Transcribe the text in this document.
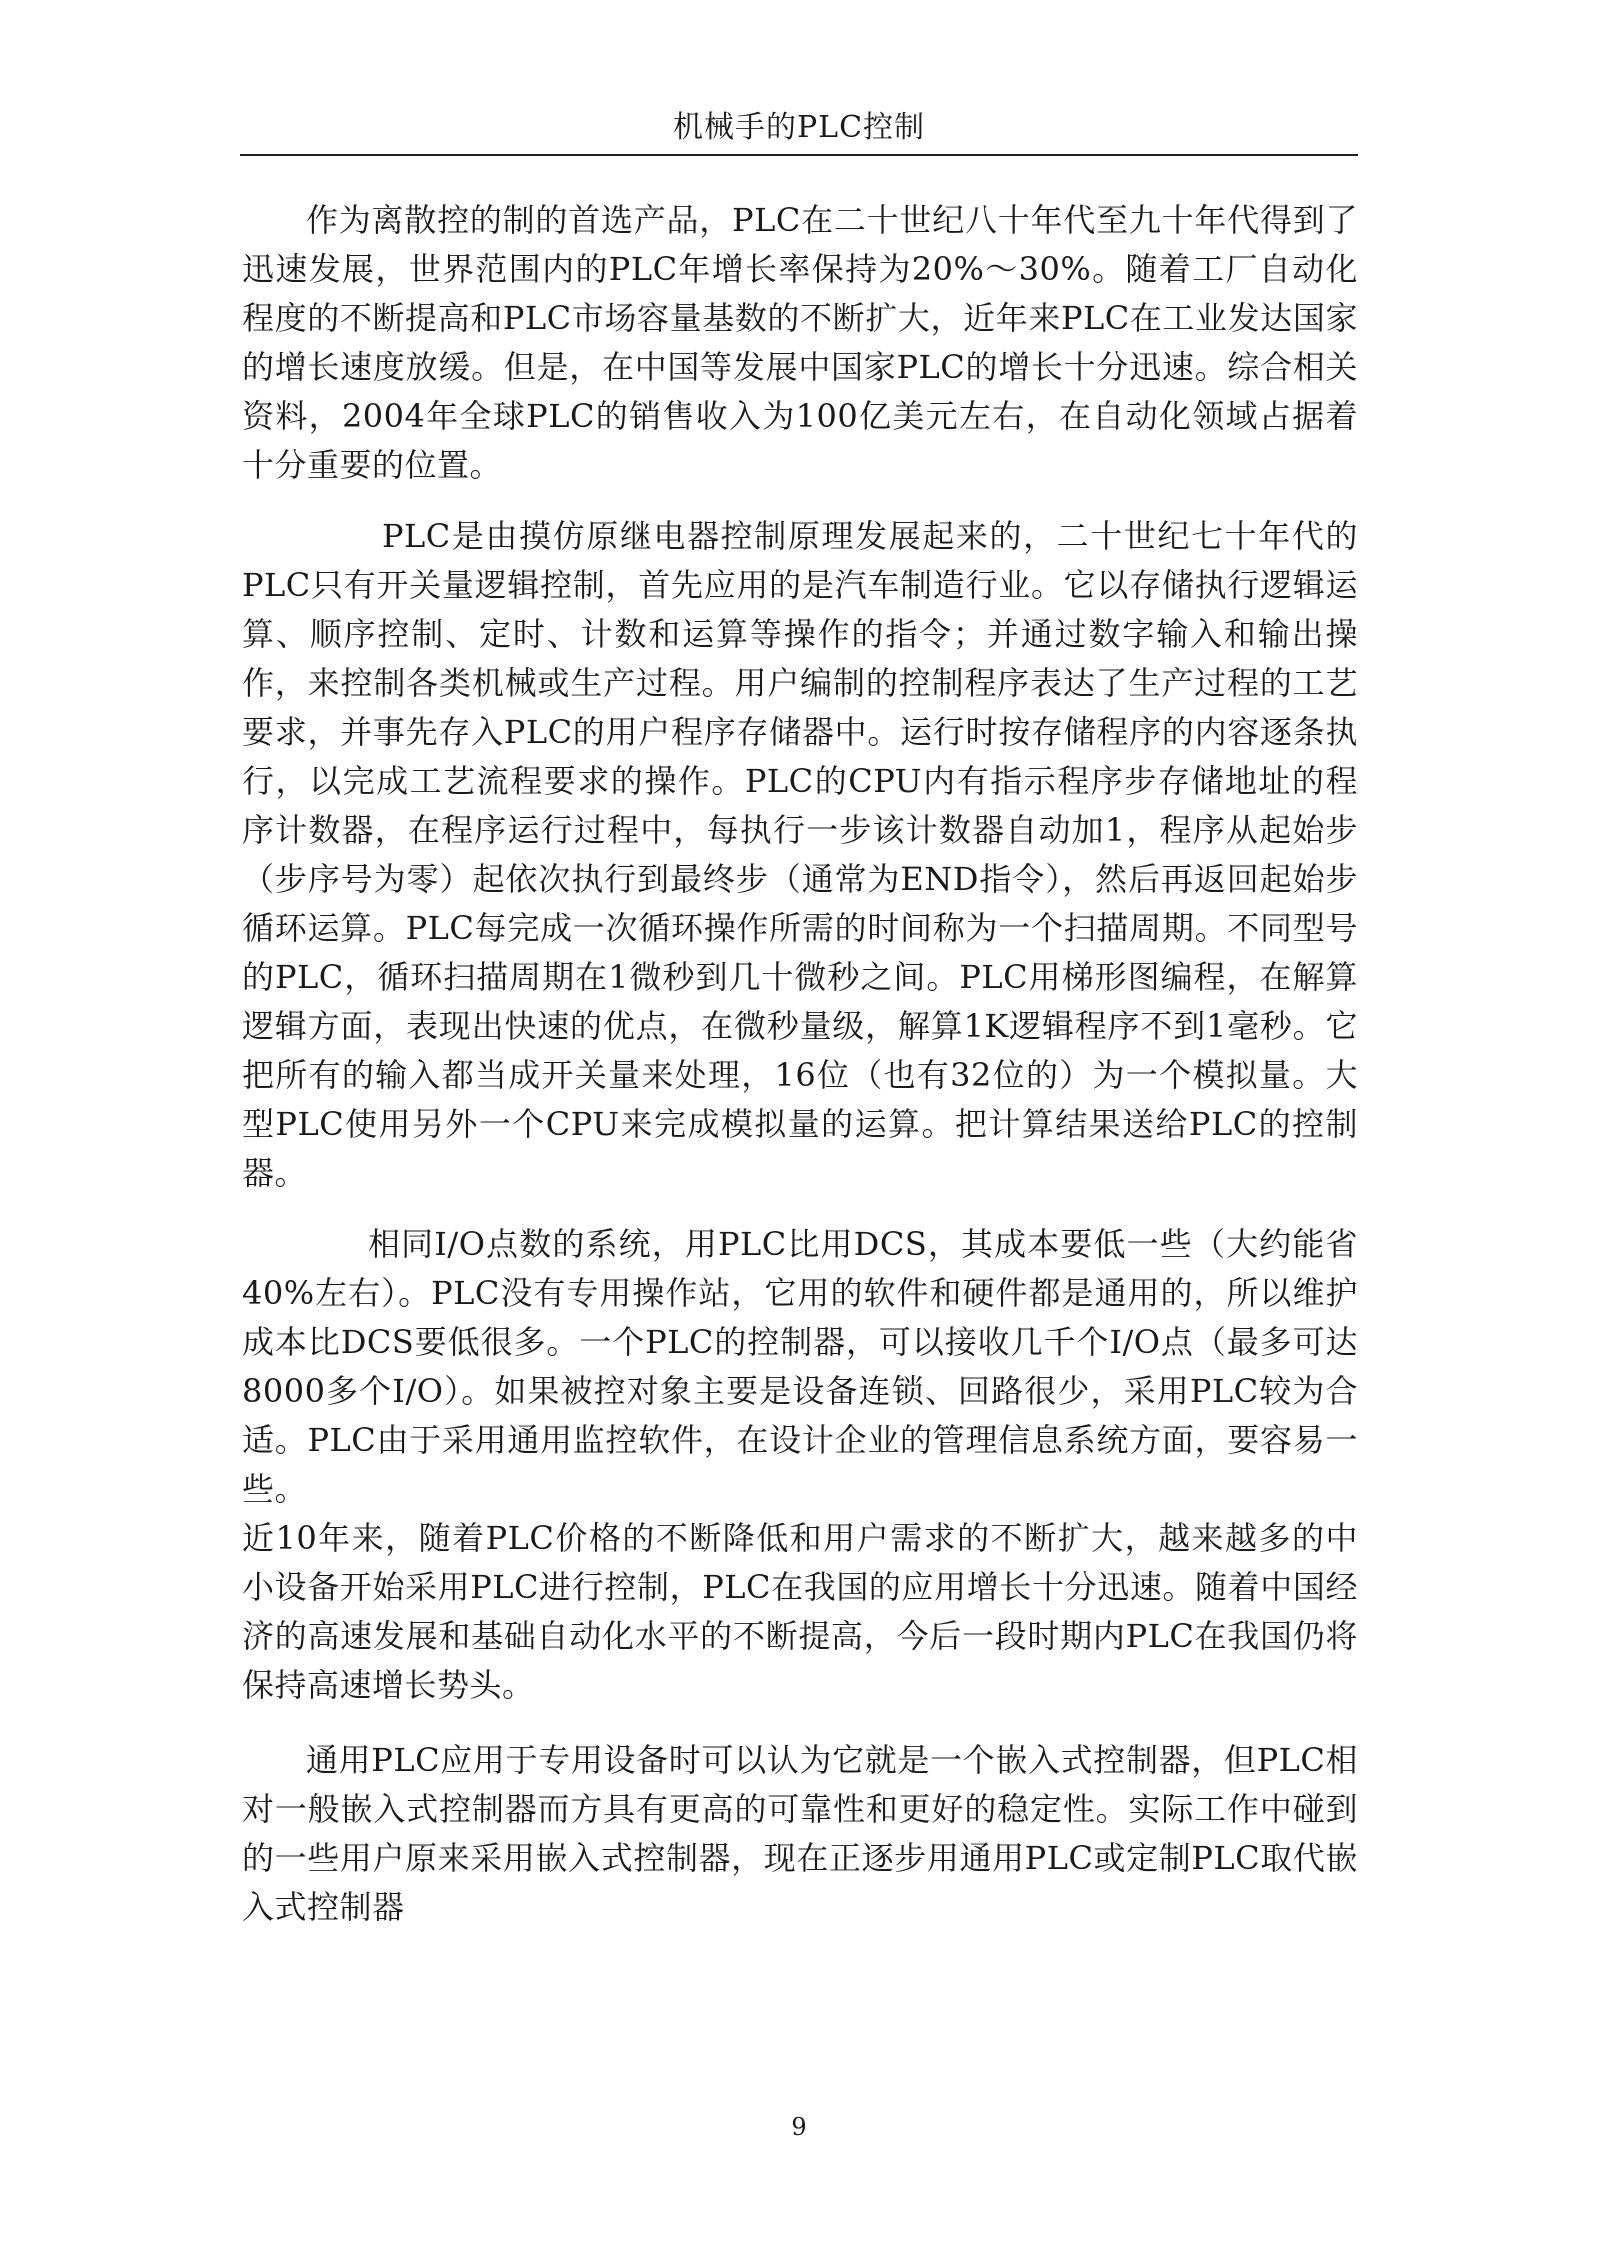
机械手的PLC控制

作为离散控的制的首选产品，PLC在二十世纪八十年代至九十年代得到了迅速发展，世界范围内的PLC年增长率保持为20%～30%。随着工厂自动化程度的不断提高和PLC市场容量基数的不断扩大，近年来PLC在工业发达国家的增长速度放缓。但是，在中国等发展中国家PLC的增长十分迅速。综合相关资料，2004年全球PLC的销售收入为100亿美元左右，在自动化领域占据着十分重要的位置。

PLC是由摸仿原继电器控制原理发展起来的，二十世纪七十年代的PLC只有开关量逻辑控制，首先应用的是汽车制造行业。它以存储执行逻辑运算、顺序控制、定时、计数和运算等操作的指令；并通过数字输入和输出操作，来控制各类机械或生产过程。用户编制的控制程序表达了生产过程的工艺要求，并事先存入PLC的用户程序存储器中。运行时按存储程序的内容逐条执行，以完成工艺流程要求的操作。PLC的CPU内有指示程序步存储地址的程序计数器，在程序运行过程中，每执行一步该计数器自动加1，程序从起始步（步序号为零）起依次执行到最终步（通常为END指令），然后再返回起始步循环运算。PLC每完成一次循环操作所需的时间称为一个扫描周期。不同型号的PLC，循环扫描周期在1微秒到几十微秒之间。PLC用梯形图编程，在解算逻辑方面，表现出快速的优点，在微秒量级，解算1K逻辑程序不到1毫秒。它把所有的输入都当成开关量来处理，16位（也有32位的）为一个模拟量。大型PLC使用另外一个CPU来完成模拟量的运算。把计算结果送给PLC的控制器。

相同I/O点数的系统，用PLC比用DCS，其成本要低一些（大约能省40%左右）。PLC没有专用操作站，它用的软件和硬件都是通用的，所以维护成本比DCS要低很多。一个PLC的控制器，可以接收几千个I/O点（最多可达8000多个I/O）。如果被控对象主要是设备连锁、回路很少，采用PLC较为合适。PLC由于采用通用监控软件，在设计企业的管理信息系统方面，要容易一些。

近10年来，随着PLC价格的不断降低和用户需求的不断扩大，越来越多的中小设备开始采用PLC进行控制，PLC在我国的应用增长十分迅速。随着中国经济的高速发展和基础自动化水平的不断提高，今后一段时期内PLC在我国仍将保持高速增长势头。

通用PLC应用于专用设备时可以认为它就是一个嵌入式控制器，但PLC相对一般嵌入式控制器而方具有更高的可靠性和更好的稳定性。实际工作中碰到的一些用户原来采用嵌入式控制器，现在正逐步用通用PLC或定制PLC取代嵌入式控制器

9
